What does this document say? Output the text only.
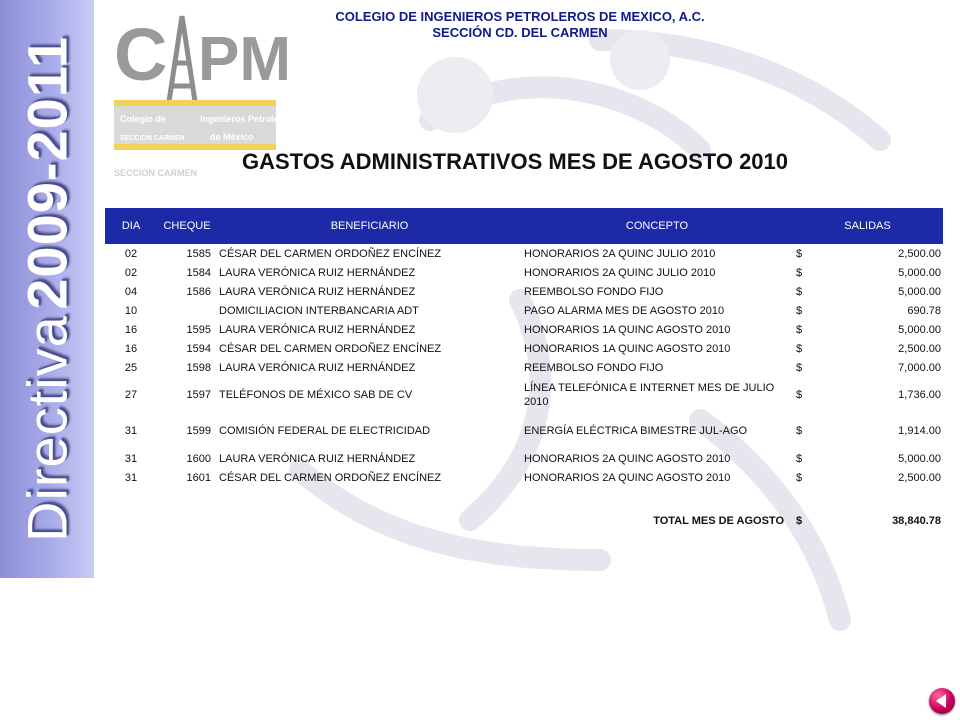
Directiva 2009-2011 C PM
Colegio de	Ingenieros Petroleros
SECCION CARMEN	de México
SECCION CARMEN
COLEGIO DE INGENIEROS PETROLEROS DE MEXICO, A.C.
SECCIÓN CD. DEL CARMEN
GASTOS ADMINISTRATIVOS MES DE AGOSTO 2010
DIA	CHEQUE	BENEFICIARIO	CONCEPTO	SALIDAS	
02	1585	CÉSAR DEL CARMEN ORDOÑEZ ENCÍNEZ	HONORARIOS 2A QUINC JULIO 2010	$	2,500.00
02	1584	LAURA VERÓNICA RUIZ HERNÁNDEZ	HONORARIOS 2A QUINC JULIO 2010	$	5,000.00
04	1586	LAURA VERÓNICA RUIZ HERNÁNDEZ	REEMBOLSO FONDO FIJO	$	5,000.00
10		DOMICILIACION INTERBANCARIA ADT	PAGO ALARMA MES DE AGOSTO 2010	$	690.78
16	1595	LAURA VERÓNICA RUIZ HERNÁNDEZ	HONORARIOS 1A QUINC AGOSTO 2010	$	5,000.00
16	1594	CÉSAR DEL CARMEN ORDOÑEZ ENCÍNEZ	HONORARIOS 1A QUINC AGOSTO 2010	$	2,500.00
25	1598	LAURA VERÓNICA RUIZ HERNÁNDEZ	REEMBOLSO FONDO FIJO	$	7,000.00
27	1597	TELÉFONOS DE MÉXICO SAB DE CV	LÍNEA TELEFÓNICA E INTERNET MES DE JULIO 2010	$	1,736.00
31	1599	COMISIÓN FEDERAL DE ELECTRICIDAD	ENERGÍA ELÉCTRICA BIMESTRE JUL-AGO	$	1,914.00
31	1600	LAURA VERÓNICA RUIZ HERNÁNDEZ	HONORARIOS 2A QUINC AGOSTO 2010	$	5,000.00
31	1601	CÉSAR DEL CARMEN ORDOÑEZ ENCÍNEZ	HONORARIOS 2A QUINC AGOSTO 2010	$	2,500.00

TOTAL MES DE AGOSTO				$	38,840.78
